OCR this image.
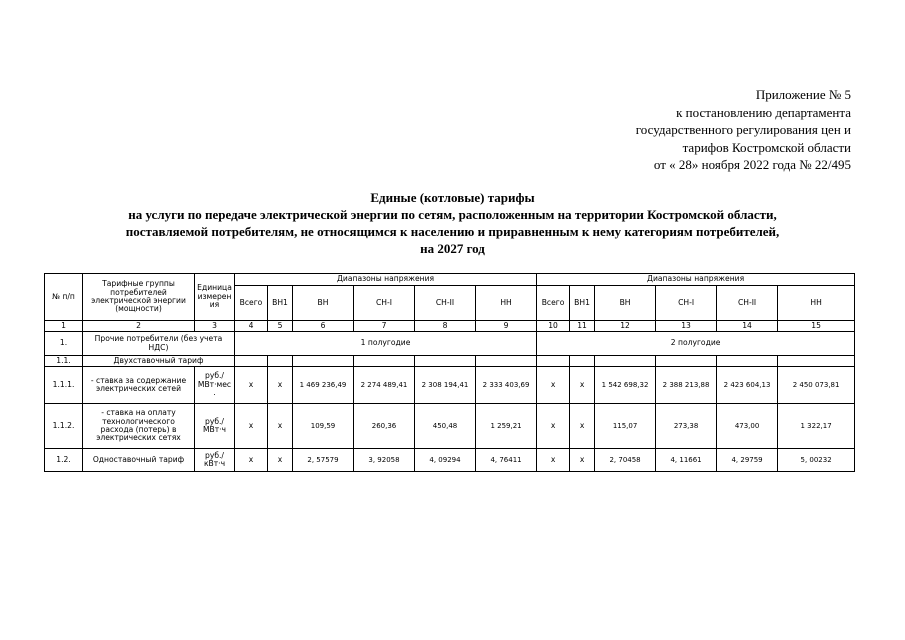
Приложение № 5
к постановлению департамента
государственного регулирования цен и
тарифов Костромской области
от « 28» ноября 2022 года № 22/495
Единые (котловые) тарифы
на услуги по передаче электрической энергии по сетям, расположенным на территории Костромской области,
поставляемой потребителям, не относящимся к населению и приравненным к нему категориям потребителей,
на 2027 год
№ п/п	Тарифные группы потребителей электрической энергии (мощности)	Единица измерения	Диапазоны напряжения						Диапазоны напряжения					
			Всего	ВН1	ВН	СН-I	СН-II	НН	Всего	ВН1	ВН	СН-I	СН-II	НН
1	2	3	4	5	6	7	8	9	10	11	12	13	14	15
1.	Прочие потребители (без учета НДС)		1 полугодие						2 полугодие					
1.1.	Двухставочный тариф													
1.1.1.	- ставка за содержание электрических сетей	руб./ МВт·мес.	х	х	1 469 236,49	2 274 489,41	2 308 194,41	2 333 403,69	х	х	1 542 698,32	2 388 213,88	2 423 604,13	2 450 073,81
1.1.2.	- ставка на оплату технологического расхода (потерь) в электрических сетях	руб./ МВт·ч	х	х	109,59	260,36	450,48	1 259,21	х	х	115,07	273,38	473,00	1 322,17
1.2.	Одноставочный тариф	руб./ кВт·ч	х	х	2, 57579	3, 92058	4, 09294	4, 76411	х	х	2, 70458	4, 11661	4, 29759	5, 00232
